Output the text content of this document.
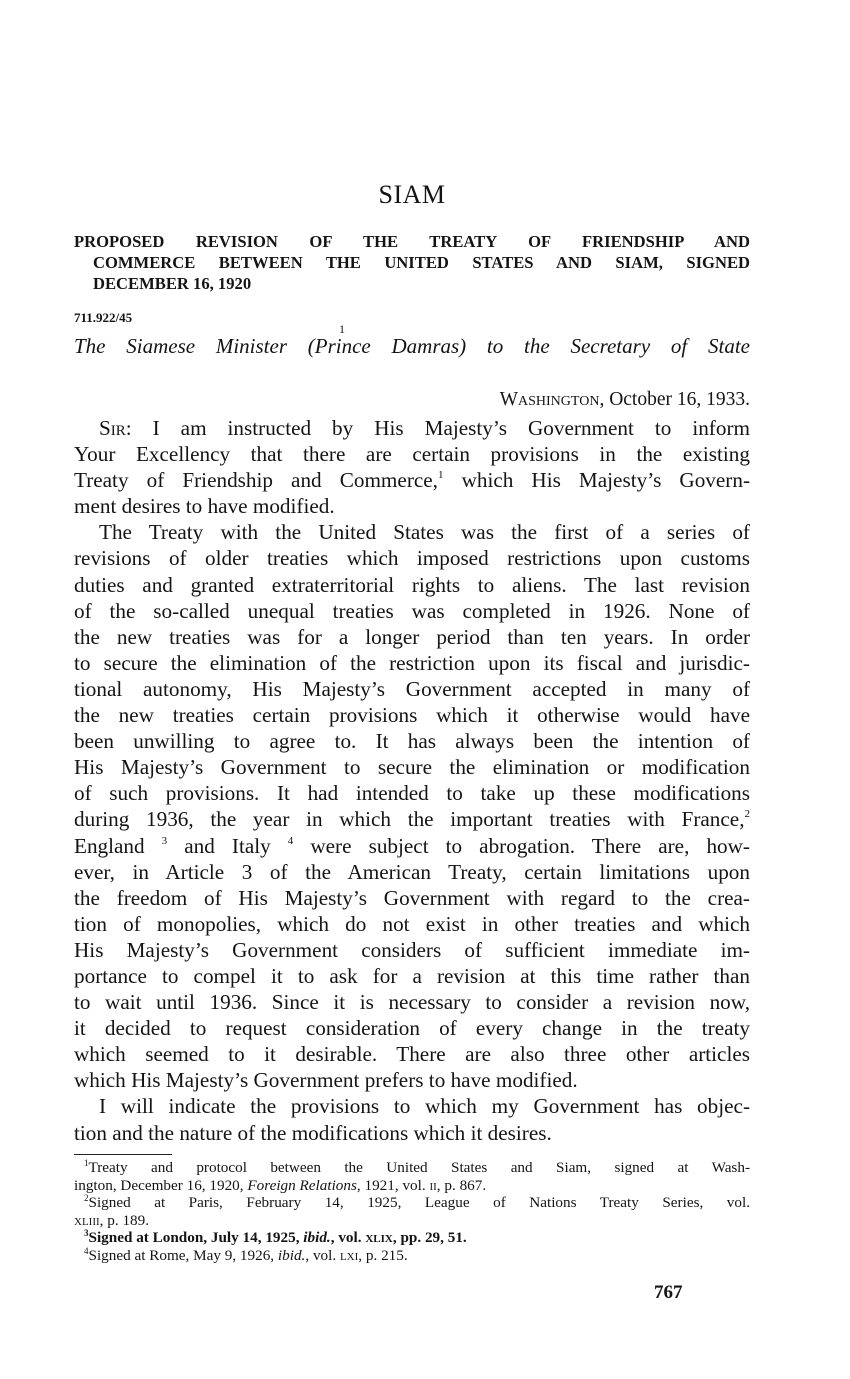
SIAM
PROPOSED REVISION OF THE TREATY OF FRIENDSHIP AND
COMMERCE BETWEEN THE UNITED STATES AND SIAM, SIGNED
DECEMBER 16, 1920
711.922/45
1
The Siamese Minister (Prince Damras) to the Secretary of State
Washington, October 16, 1933.
Sir: I am instructed by His Majesty’s Government to inform
Your Excellency that there are certain provisions in the existing
Treaty of Friendship and Commerce,$^1$ which His Majesty’s Govern-
ment desires to have modified.
The Treaty with the United States was the first of a series of
revisions of older treaties which imposed restrictions upon customs
duties and granted extraterritorial rights to aliens. The last revision
of the so-called unequal treaties was completed in 1926. None of
the new treaties was for a longer period than ten years. In order
to secure the elimination of the restriction upon its fiscal and jurisdic-
tional autonomy, His Majesty’s Government accepted in many of
the new treaties certain provisions which it otherwise would have
been unwilling to agree to. It has always been the intention of
His Majesty’s Government to secure the elimination or modification
of such provisions. It had intended to take up these modifications
during 1936, the year in which the important treaties with France,$^2$
England $^3$ and Italy $^4$ were subject to abrogation. There are, how-
ever, in Article 3 of the American Treaty, certain limitations upon
the freedom of His Majesty’s Government with regard to the crea-
tion of monopolies, which do not exist in other treaties and which
His Majesty’s Government considers of sufficient immediate im-
portance to compel it to ask for a revision at this time rather than
to wait until 1936. Since it is necessary to consider a revision now,
it decided to request consideration of every change in the treaty
which seemed to it desirable. There are also three other articles
which His Majesty’s Government prefers to have modified.
I will indicate the provisions to which my Government has objec-
tion and the nature of the modifications which it desires.
$^1$Treaty and protocol between the United States and Siam, signed at Wash-
ington, December 16, 1920, Foreign Relations, 1921, vol. ii, p. 867.
$^2$Signed at Paris, February 14, 1925, League of Nations Treaty Series, vol.
xliii, p. 189.
$^3$Signed at London, July 14, 1925, ibid., vol. xlix, pp. 29, 51.
$^4$Signed at Rome, May 9, 1926, ibid., vol. lxi, p. 215.
767
